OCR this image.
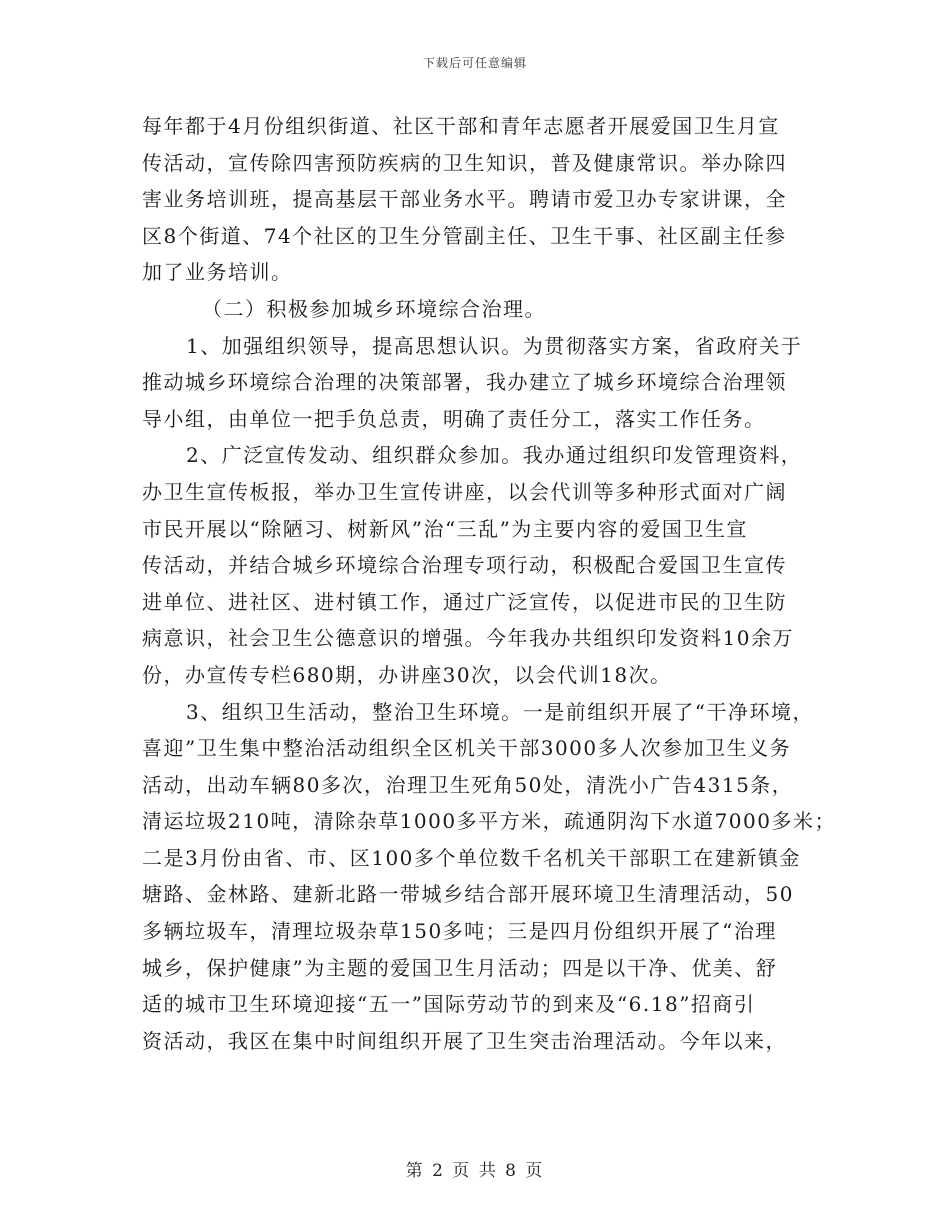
下载后可任意编辑
每年都于4月份组织街道、社区干部和青年志愿者开展爱国卫生月宣
传活动，宣传除四害预防疾病的卫生知识，普及健康常识。举办除四
害业务培训班，提高基层干部业务水平。聘请市爱卫办专家讲课，全
区8个街道、74个社区的卫生分管副主任、卫生干事、社区副主任参
加了业务培训。
（二）积极参加城乡环境综合治理。
1、加强组织领导，提高思想认识。为贯彻落实方案，省政府关于
推动城乡环境综合治理的决策部署，我办建立了城乡环境综合治理领
导小组，由单位一把手负总责，明确了责任分工，落实工作任务。
2、广泛宣传发动、组织群众参加。我办通过组织印发管理资料，
办卫生宣传板报，举办卫生宣传讲座，以会代训等多种形式面对广阔
市民开展以“除陋习、树新风”治“三乱”为主要内容的爱国卫生宣
传活动，并结合城乡环境综合治理专项行动，积极配合爱国卫生宣传
进单位、进社区、进村镇工作，通过广泛宣传，以促进市民的卫生防
病意识，社会卫生公德意识的增强。今年我办共组织印发资料10余万
份，办宣传专栏680期，办讲座30次，以会代训18次。
3、组织卫生活动，整治卫生环境。一是前组织开展了“干净环境，
喜迎”卫生集中整治活动组织全区机关干部3000多人次参加卫生义务
活动，出动车辆80多次，治理卫生死角50处，清洗小广告4315条，
清运垃圾210吨，清除杂草1000多平方米，疏通阴沟下水道7000多米；
二是3月份由省、市、区100多个单位数千名机关干部职工在建新镇金
塘路、金林路、建新北路一带城乡结合部开展环境卫生清理活动，50
多辆垃圾车，清理垃圾杂草150多吨；三是四月份组织开展了“治理
城乡，保护健康”为主题的爱国卫生月活动；四是以干净、优美、舒
适的城市卫生环境迎接“五一”国际劳动节的到来及“6.18”招商引
资活动，我区在集中时间组织开展了卫生突击治理活动。今年以来，
第 2 页 共 8 页
